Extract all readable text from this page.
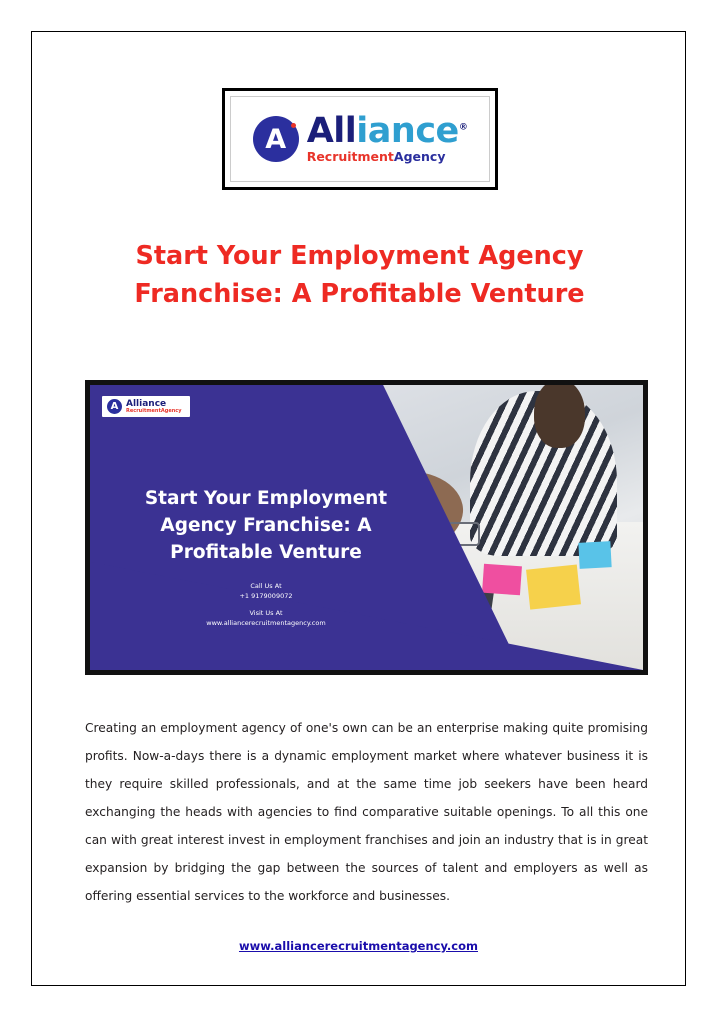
A Alliance®
RecruitmentAgency
Start Your Employment Agency Franchise: A Profitable Venture
A Alliance
RecruitmentAgency
Start Your Employment Agency Franchise: A Profitable Venture
Call Us At
+1 9179009072
Visit Us At
www.alliancerecruitmentagency.com

Creating an employment agency of one's own can be an enterprise making quite promising profits. Now-a-days there is a dynamic employment market where whatever business it is they require skilled professionals, and at the same time job seekers have been heard exchanging the heads with agencies to find comparative suitable openings. To all this one can with great interest invest in employment franchises and join an industry that is in great expansion by bridging the gap between the sources of talent and employers as well as offering essential services to the workforce and businesses.

www.alliancerecruitmentagency.com
